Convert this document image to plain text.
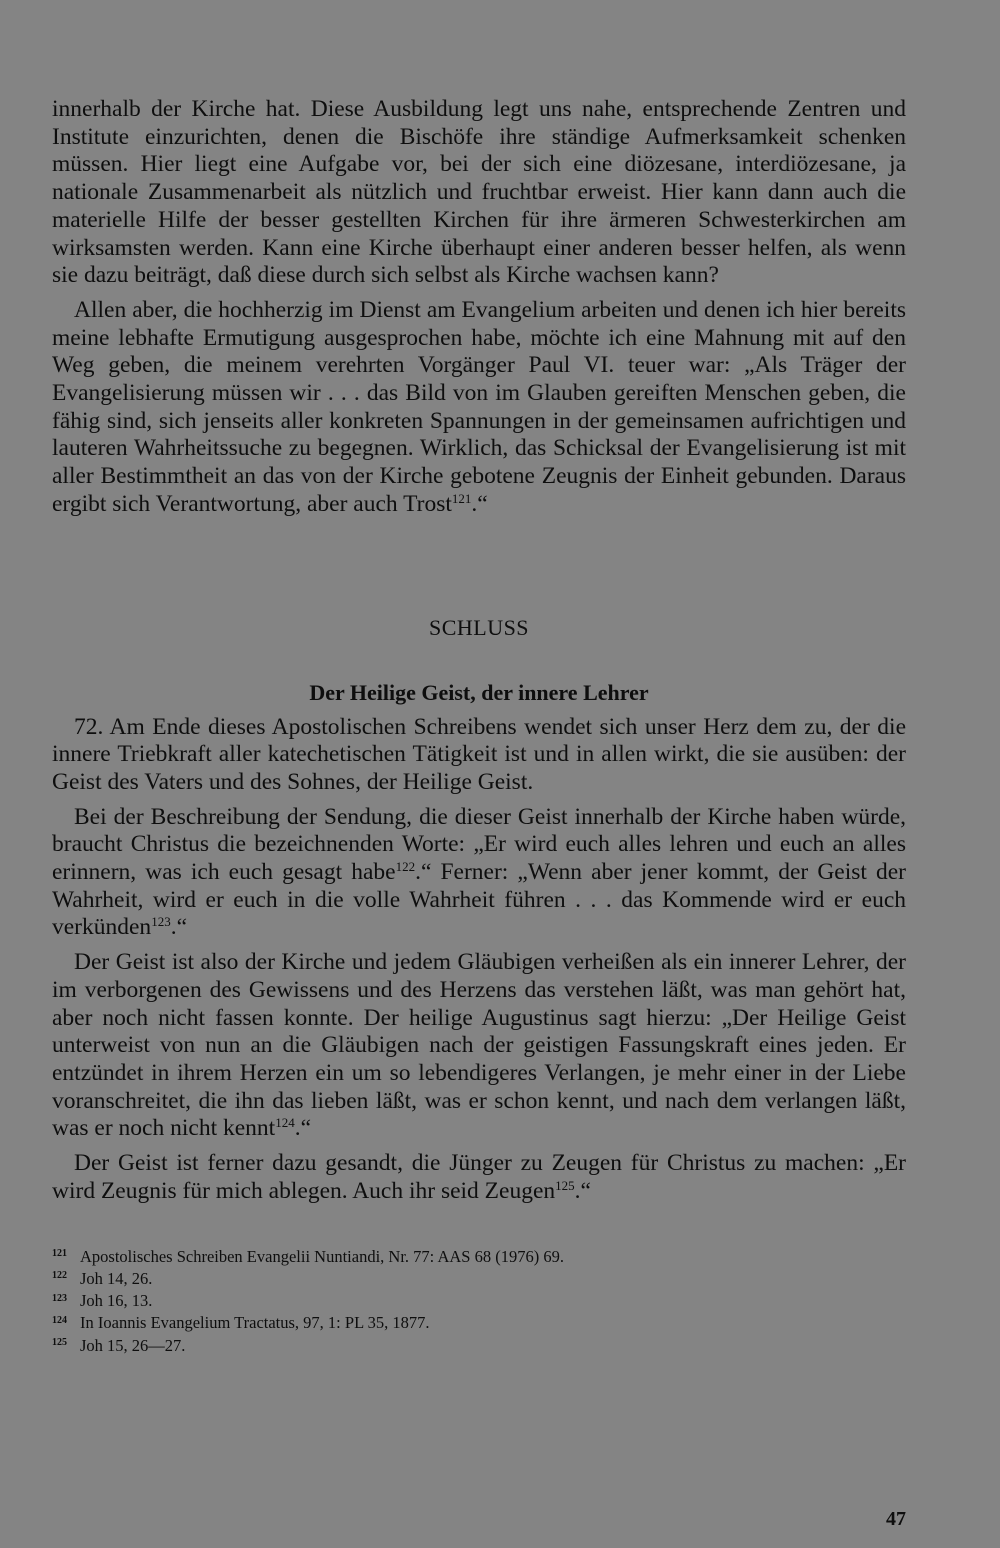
innerhalb der Kirche hat. Diese Ausbildung legt uns nahe, entsprechende Zentren und Institute einzurichten, denen die Bischöfe ihre ständige Aufmerksamkeit schenken müssen. Hier liegt eine Aufgabe vor, bei der sich eine diözesane, interdiözesane, ja nationale Zusammenarbeit als nützlich und fruchtbar erweist. Hier kann dann auch die materielle Hilfe der besser gestellten Kirchen für ihre ärmeren Schwesterkirchen am wirksamsten werden. Kann eine Kirche überhaupt einer anderen besser helfen, als wenn sie dazu beiträgt, daß diese durch sich selbst als Kirche wachsen kann?

Allen aber, die hochherzig im Dienst am Evangelium arbeiten und denen ich hier bereits meine lebhafte Ermutigung ausgesprochen habe, möchte ich eine Mahnung mit auf den Weg geben, die meinem verehrten Vorgänger Paul VI. teuer war: „Als Träger der Evangelisierung müssen wir . . . das Bild von im Glauben gereiften Menschen geben, die fähig sind, sich jenseits aller konkreten Spannungen in der gemeinsamen aufrichtigen und lauteren Wahrheitssuche zu begegnen. Wirklich, das Schicksal der Evangelisierung ist mit aller Bestimmtheit an das von der Kirche gebotene Zeugnis der Einheit gebunden. Daraus ergibt sich Verantwortung, aber auch Trost$^{121}$.“

SCHLUSS
Der Heilige Geist, der innere Lehrer

72. Am Ende dieses Apostolischen Schreibens wendet sich unser Herz dem zu, der die innere Triebkraft aller katechetischen Tätigkeit ist und in allen wirkt, die sie ausüben: der Geist des Vaters und des Sohnes, der Heilige Geist.

Bei der Beschreibung der Sendung, die dieser Geist innerhalb der Kirche haben würde, braucht Christus die bezeichnenden Worte: „Er wird euch alles lehren und euch an alles erinnern, was ich euch gesagt habe$^{122}$.“ Ferner: „Wenn aber jener kommt, der Geist der Wahrheit, wird er euch in die volle Wahrheit führen . . . das Kommende wird er euch verkünden$^{123}$.“

Der Geist ist also der Kirche und jedem Gläubigen verheißen als ein innerer Lehrer, der im verborgenen des Gewissens und des Herzens das verstehen läßt, was man gehört hat, aber noch nicht fassen konnte. Der heilige Augustinus sagt hierzu: „Der Heilige Geist unterweist von nun an die Gläubigen nach der geistigen Fassungskraft eines jeden. Er entzündet in ihrem Herzen ein um so lebendigeres Verlangen, je mehr einer in der Liebe voranschreitet, die ihn das lieben läßt, was er schon kennt, und nach dem verlangen läßt, was er noch nicht kennt$^{124}$.“

Der Geist ist ferner dazu gesandt, die Jünger zu Zeugen für Christus zu machen: „Er wird Zeugnis für mich ablegen. Auch ihr seid Zeugen$^{125}$.“

121 Apostolisches Schreiben Evangelii Nuntiandi, Nr. 77: AAS 68 (1976) 69.
122 Joh 14, 26.
123 Joh 16, 13.
124 In Ioannis Evangelium Tractatus, 97, 1: PL 35, 1877.
125 Joh 15, 26—27.
47
